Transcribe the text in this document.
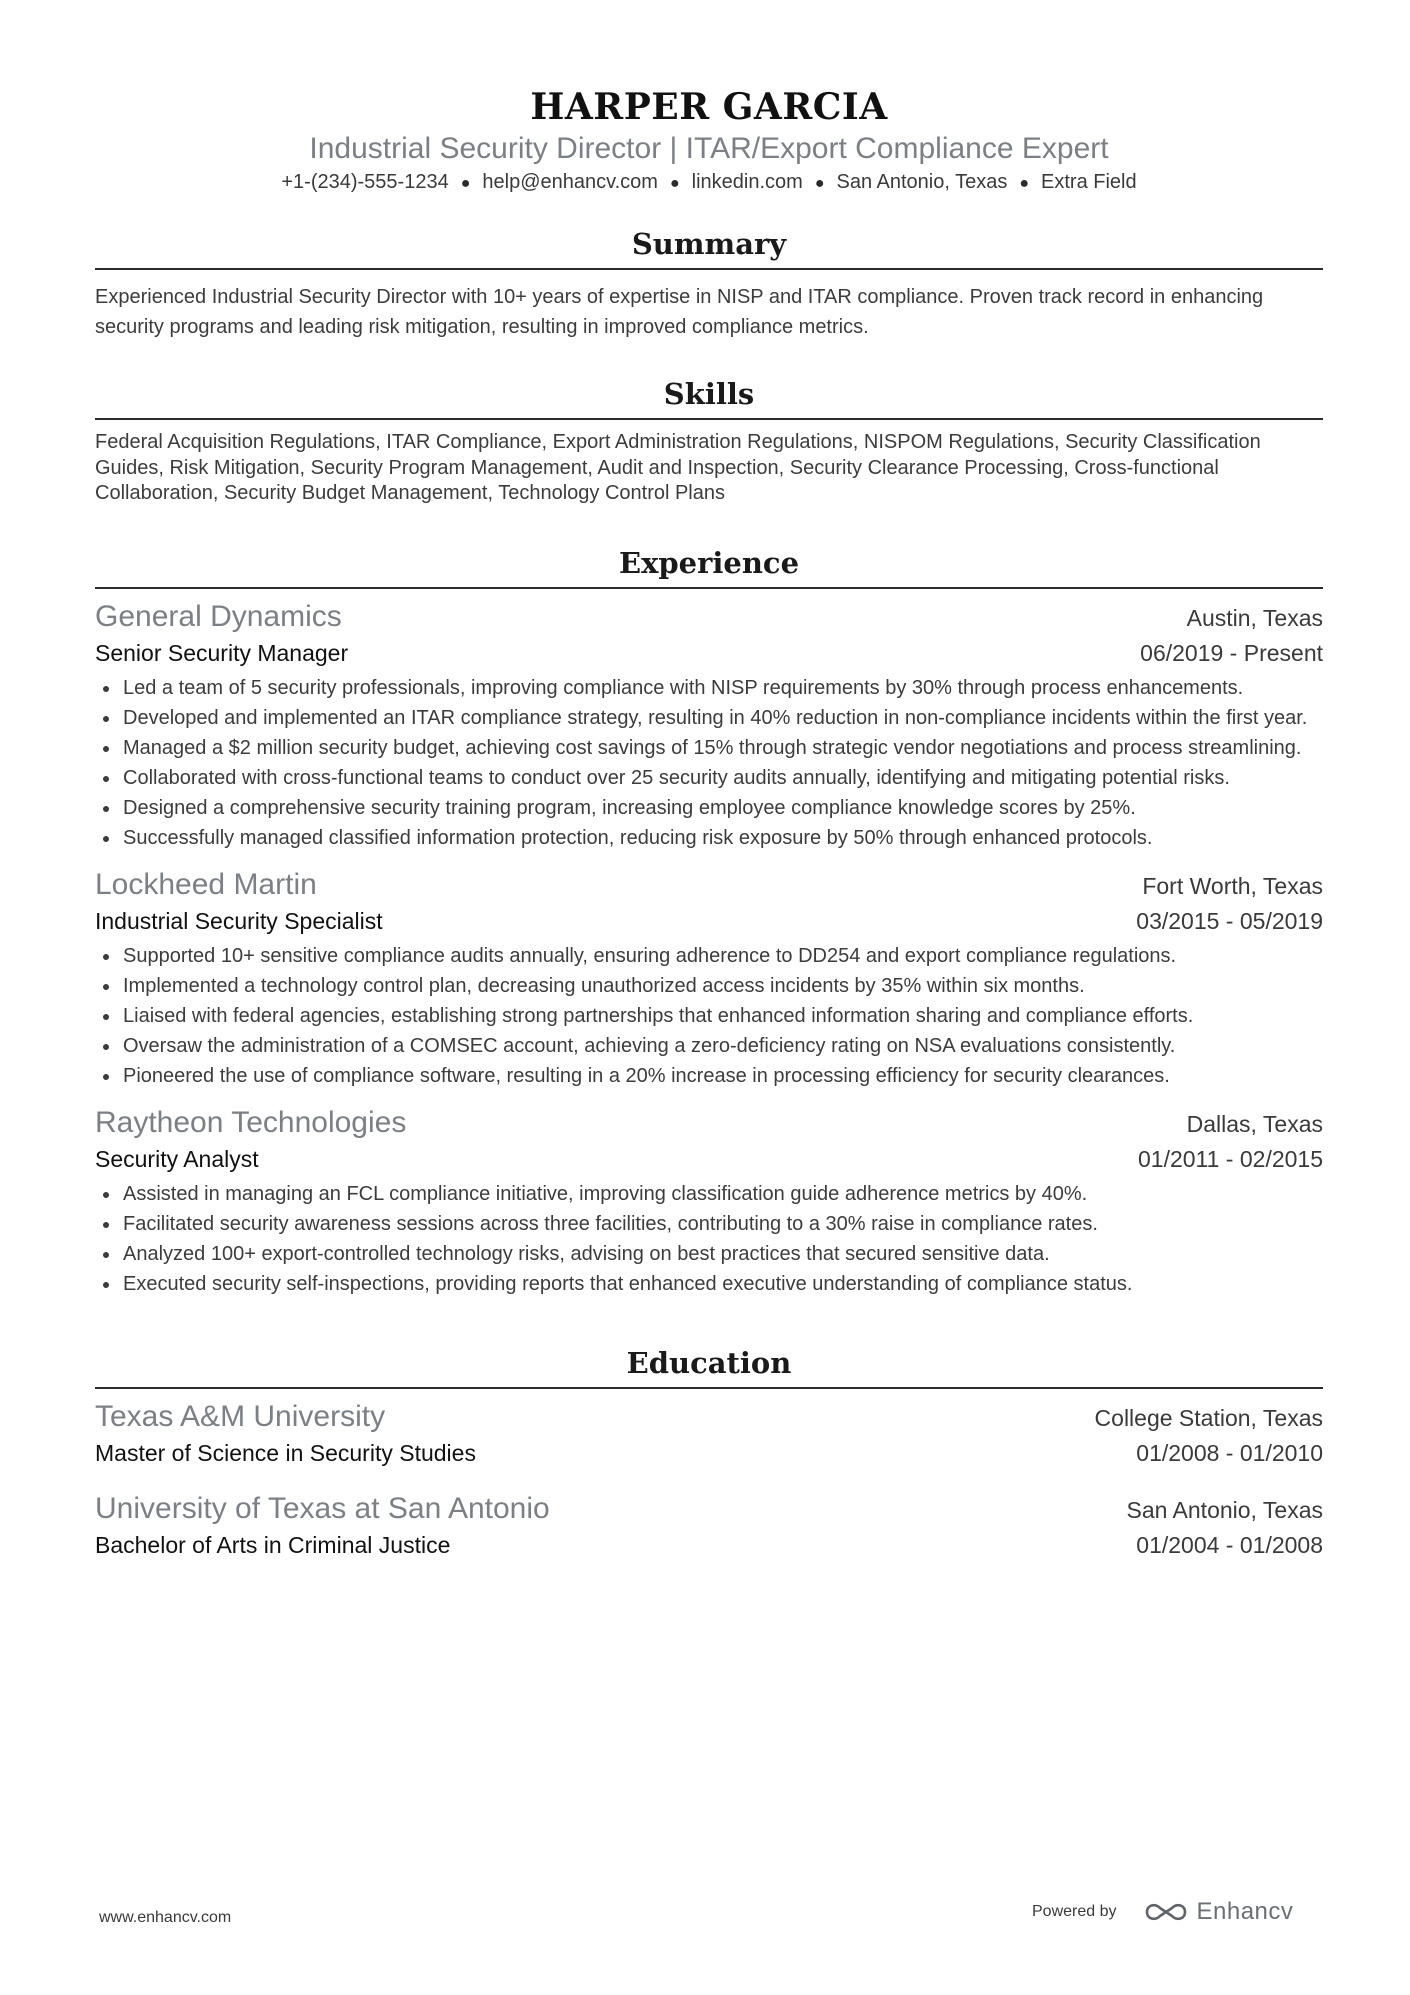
HARPER GARCIA
Industrial Security Director | ITAR/Export Compliance Expert
+1-(234)-555-1234 ● help@enhancv.com ● linkedin.com ● San Antonio, Texas ● Extra Field
Summary
Experienced Industrial Security Director with 10+ years of expertise in NISP and ITAR compliance. Proven track record in enhancing security programs and leading risk mitigation, resulting in improved compliance metrics.
Skills
Federal Acquisition Regulations, ITAR Compliance, Export Administration Regulations, NISPOM Regulations, Security Classification Guides, Risk Mitigation, Security Program Management, Audit and Inspection, Security Clearance Processing, Cross-functional Collaboration, Security Budget Management, Technology Control Plans
Experience
General Dynamics	Austin, Texas
Senior Security Manager	06/2019 - Present
Led a team of 5 security professionals, improving compliance with NISP requirements by 30% through process enhancements.
Developed and implemented an ITAR compliance strategy, resulting in 40% reduction in non-compliance incidents within the first year.
Managed a $2 million security budget, achieving cost savings of 15% through strategic vendor negotiations and process streamlining.
Collaborated with cross-functional teams to conduct over 25 security audits annually, identifying and mitigating potential risks.
Designed a comprehensive security training program, increasing employee compliance knowledge scores by 25%.
Successfully managed classified information protection, reducing risk exposure by 50% through enhanced protocols.
Lockheed Martin	Fort Worth, Texas
Industrial Security Specialist	03/2015 - 05/2019
Supported 10+ sensitive compliance audits annually, ensuring adherence to DD254 and export compliance regulations.
Implemented a technology control plan, decreasing unauthorized access incidents by 35% within six months.
Liaised with federal agencies, establishing strong partnerships that enhanced information sharing and compliance efforts.
Oversaw the administration of a COMSEC account, achieving a zero-deficiency rating on NSA evaluations consistently.
Pioneered the use of compliance software, resulting in a 20% increase in processing efficiency for security clearances.
Raytheon Technologies	Dallas, Texas
Security Analyst	01/2011 - 02/2015
Assisted in managing an FCL compliance initiative, improving classification guide adherence metrics by 40%.
Facilitated security awareness sessions across three facilities, contributing to a 30% raise in compliance rates.
Analyzed 100+ export-controlled technology risks, advising on best practices that secured sensitive data.
Executed security self-inspections, providing reports that enhanced executive understanding of compliance status.
Education
Texas A&M University	College Station, Texas
Master of Science in Security Studies	01/2008 - 01/2010
University of Texas at San Antonio	San Antonio, Texas
Bachelor of Arts in Criminal Justice	01/2004 - 01/2008
www.enhancv.com	Powered by	Enhancv
